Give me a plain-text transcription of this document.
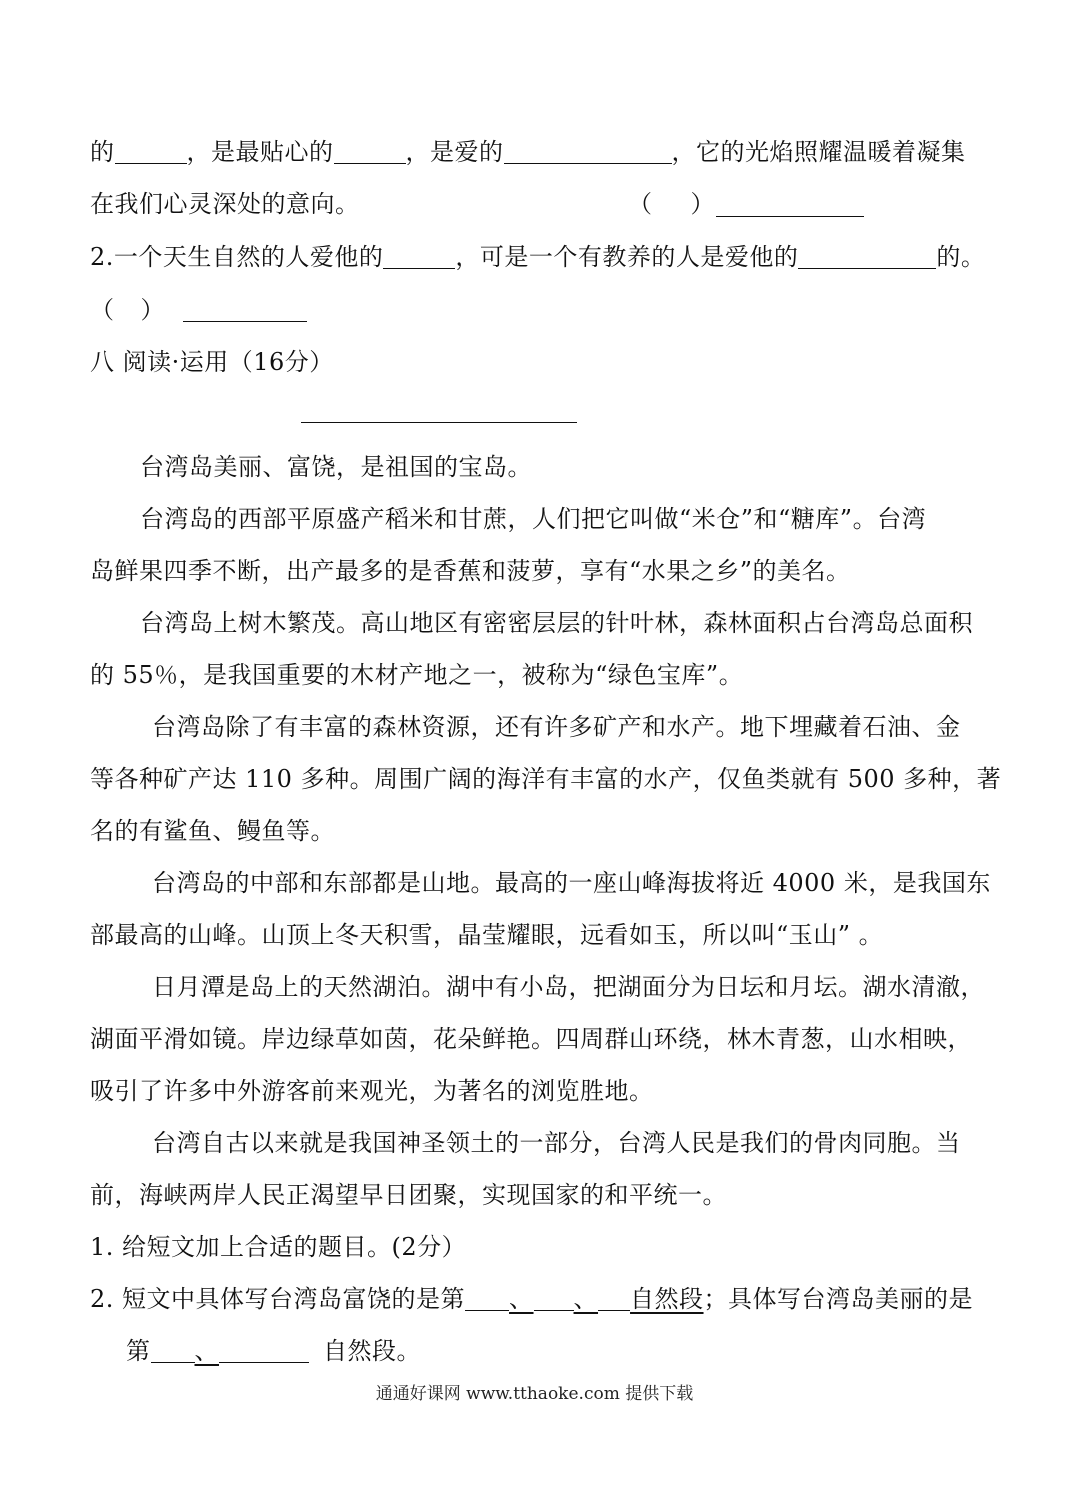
的	，是最贴心的	，是爱的	，它的光焰照耀温暖着凝集
在我们心灵深处的意向。	（ ）
2.一个天生自然的人爱他的	，可是一个有教养的人是爱他的	的。
（ ）
八 阅读·运用（16分）
台湾岛美丽、富饶，是祖国的宝岛。
台湾岛的西部平原盛产稻米和甘蔗，人们把它叫做“米仓”和“糖库”。台湾
岛鲜果四季不断，出产最多的是香蕉和菠萝，享有“水果之乡”的美名。
台湾岛上树木繁茂。高山地区有密密层层的针叶林，森林面积占台湾岛总面积
的 55％，是我国重要的木材产地之一，被称为“绿色宝库”。
台湾岛除了有丰富的森林资源，还有许多矿产和水产。地下埋藏着石油、金
等各种矿产达 110 多种。周围广阔的海洋有丰富的水产，仅鱼类就有 500 多种，著
名的有鲨鱼、鳗鱼等。
台湾岛的中部和东部都是山地。最高的一座山峰海拔将近 4000 米，是我国东
部最高的山峰。山顶上冬天积雪，晶莹耀眼，远看如玉，所以叫“玉山” 。
日月潭是岛上的天然湖泊。湖中有小岛，把湖面分为日坛和月坛。湖水清澈，
湖面平滑如镜。岸边绿草如茵，花朵鲜艳。四周群山环绕，林木青葱，山水相映，
吸引了许多中外游客前来观光，为著名的浏览胜地。
台湾自古以来就是我国神圣领土的一部分，台湾人民是我们的骨肉同胞。当
前，海峡两岸人民正渴望早日团聚，实现国家的和平统一。
1. 给短文加上合适的题目。(2分）
2. 短文中具体写台湾岛富饶的是第 、 、 自然段；具体写台湾岛美丽的是
第 、	自然段。
通通好课网 www.tthaoke.com 提供下载
